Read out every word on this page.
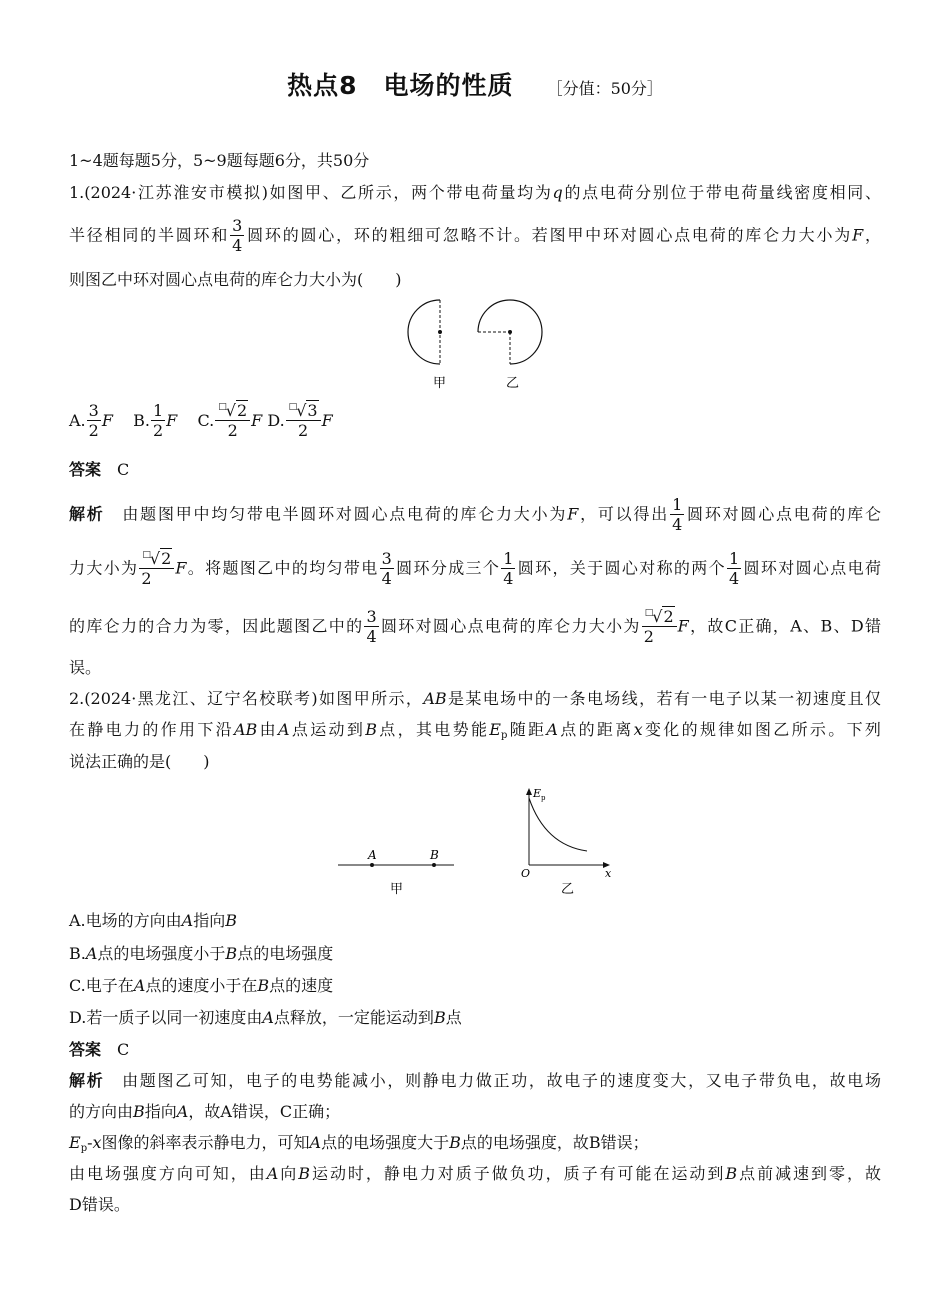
热点8　电场的性质 ［分值：50分］
1~4题每题5分，5~9题每题6分，共50分
1.(2024·江苏淮安市模拟)如图甲、乙所示，两个带电荷量均为q的点电荷分别位于带电荷量线密度相同、
半径相同的半圆环和 $\frac{3}{4}$ 圆环的圆心，环的粗细可忽略不计。若图甲中环对圆心点电荷的库仑力大小为F，
则图乙中环对圆心点电荷的库仑力大小为(　　)
甲	乙
A. $\frac{3}{2}$ F B. $\frac{1}{2}$ F C. $\frac{^□√2}{2}$ F D. $\frac{^□√3}{2}$ F
答案 C
解析 由题图甲中均匀带电半圆环对圆心点电荷的库仑力大小为F，可以得出 $\frac{1}{4}$ 圆环对圆心点电荷的库仑
力大小为 $\frac{^□√2}{2}$ F。将题图乙中的均匀带电 $\frac{3}{4}$ 圆环分成三个 $\frac{1}{4}$ 圆环，关于圆心对称的两个 $\frac{1}{4}$ 圆环对圆心点电荷
的库仑力的合力为零，因此题图乙中的 $\frac{3}{4}$ 圆环对圆心点电荷的库仑力大小为 $\frac{^□√2}{2}$ F，故C正确，A、B、D错
误。
2.(2024·黑龙江、辽宁名校联考)如图甲所示，AB是某电场中的一条电场线，若有一电子以某一初速度且仅
在静电力的作用下沿AB由A点运动到B点，其电势能$E_p$随距A点的距离x变化的规律如图乙所示。下列
说法正确的是(　　)
A	B
甲
$E_p$
O	x
乙
A.电场的方向由A指向B
B.A点的电场强度小于B点的电场强度
C.电子在A点的速度小于在B点的速度
D.若一质子以同一初速度由A点释放，一定能运动到B点
答案 C
解析 由题图乙可知，电子的电势能减小，则静电力做正功，故电子的速度变大，又电子带负电，故电场
的方向由B指向A，故A错误，C正确；
$E_p-x$图像的斜率表示静电力，可知A点的电场强度大于B点的电场强度，故B错误；
由电场强度方向可知，由A向B运动时，静电力对质子做负功，质子有可能在运动到B点前减速到零，故
D错误。
